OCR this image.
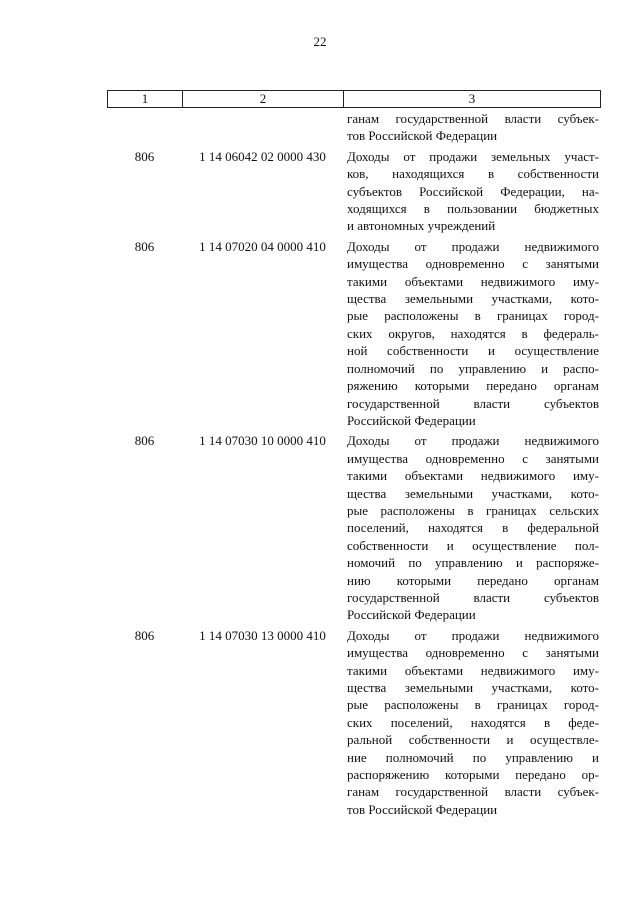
22
1	2	3
ганам государственной власти субъек-
тов Российской Федерации
806	1 14 06042 02 0000 430	Доходы от продажи земельных участ-
ков, находящихся в собственности
субъектов Российской Федерации, на-
ходящихся в пользовании бюджетных
и автономных учреждений
806	1 14 07020 04 0000 410	Доходы от продажи недвижимого
имущества одновременно с занятыми
такими объектами недвижимого иму-
щества земельными участками, кото-
рые расположены в границах город-
ских округов, находятся в федераль-
ной собственности и осуществление
полномочий по управлению и распо-
ряжению которыми передано органам
государственной власти субъектов
Российской Федерации
806	1 14 07030 10 0000 410	Доходы от продажи недвижимого
имущества одновременно с занятыми
такими объектами недвижимого иму-
щества земельными участками, кото-
рые расположены в границах сельских
поселений, находятся в федеральной
собственности и осуществление пол-
номочий по управлению и распоряже-
нию которыми передано органам
государственной власти субъектов
Российской Федерации
806	1 14 07030 13 0000 410	Доходы от продажи недвижимого
имущества одновременно с занятыми
такими объектами недвижимого иму-
щества земельными участками, кото-
рые расположены в границах город-
ских поселений, находятся в феде-
ральной собственности и осуществле-
ние полномочий по управлению и
распоряжению которыми передано ор-
ганам государственной власти субъек-
тов Российской Федерации
